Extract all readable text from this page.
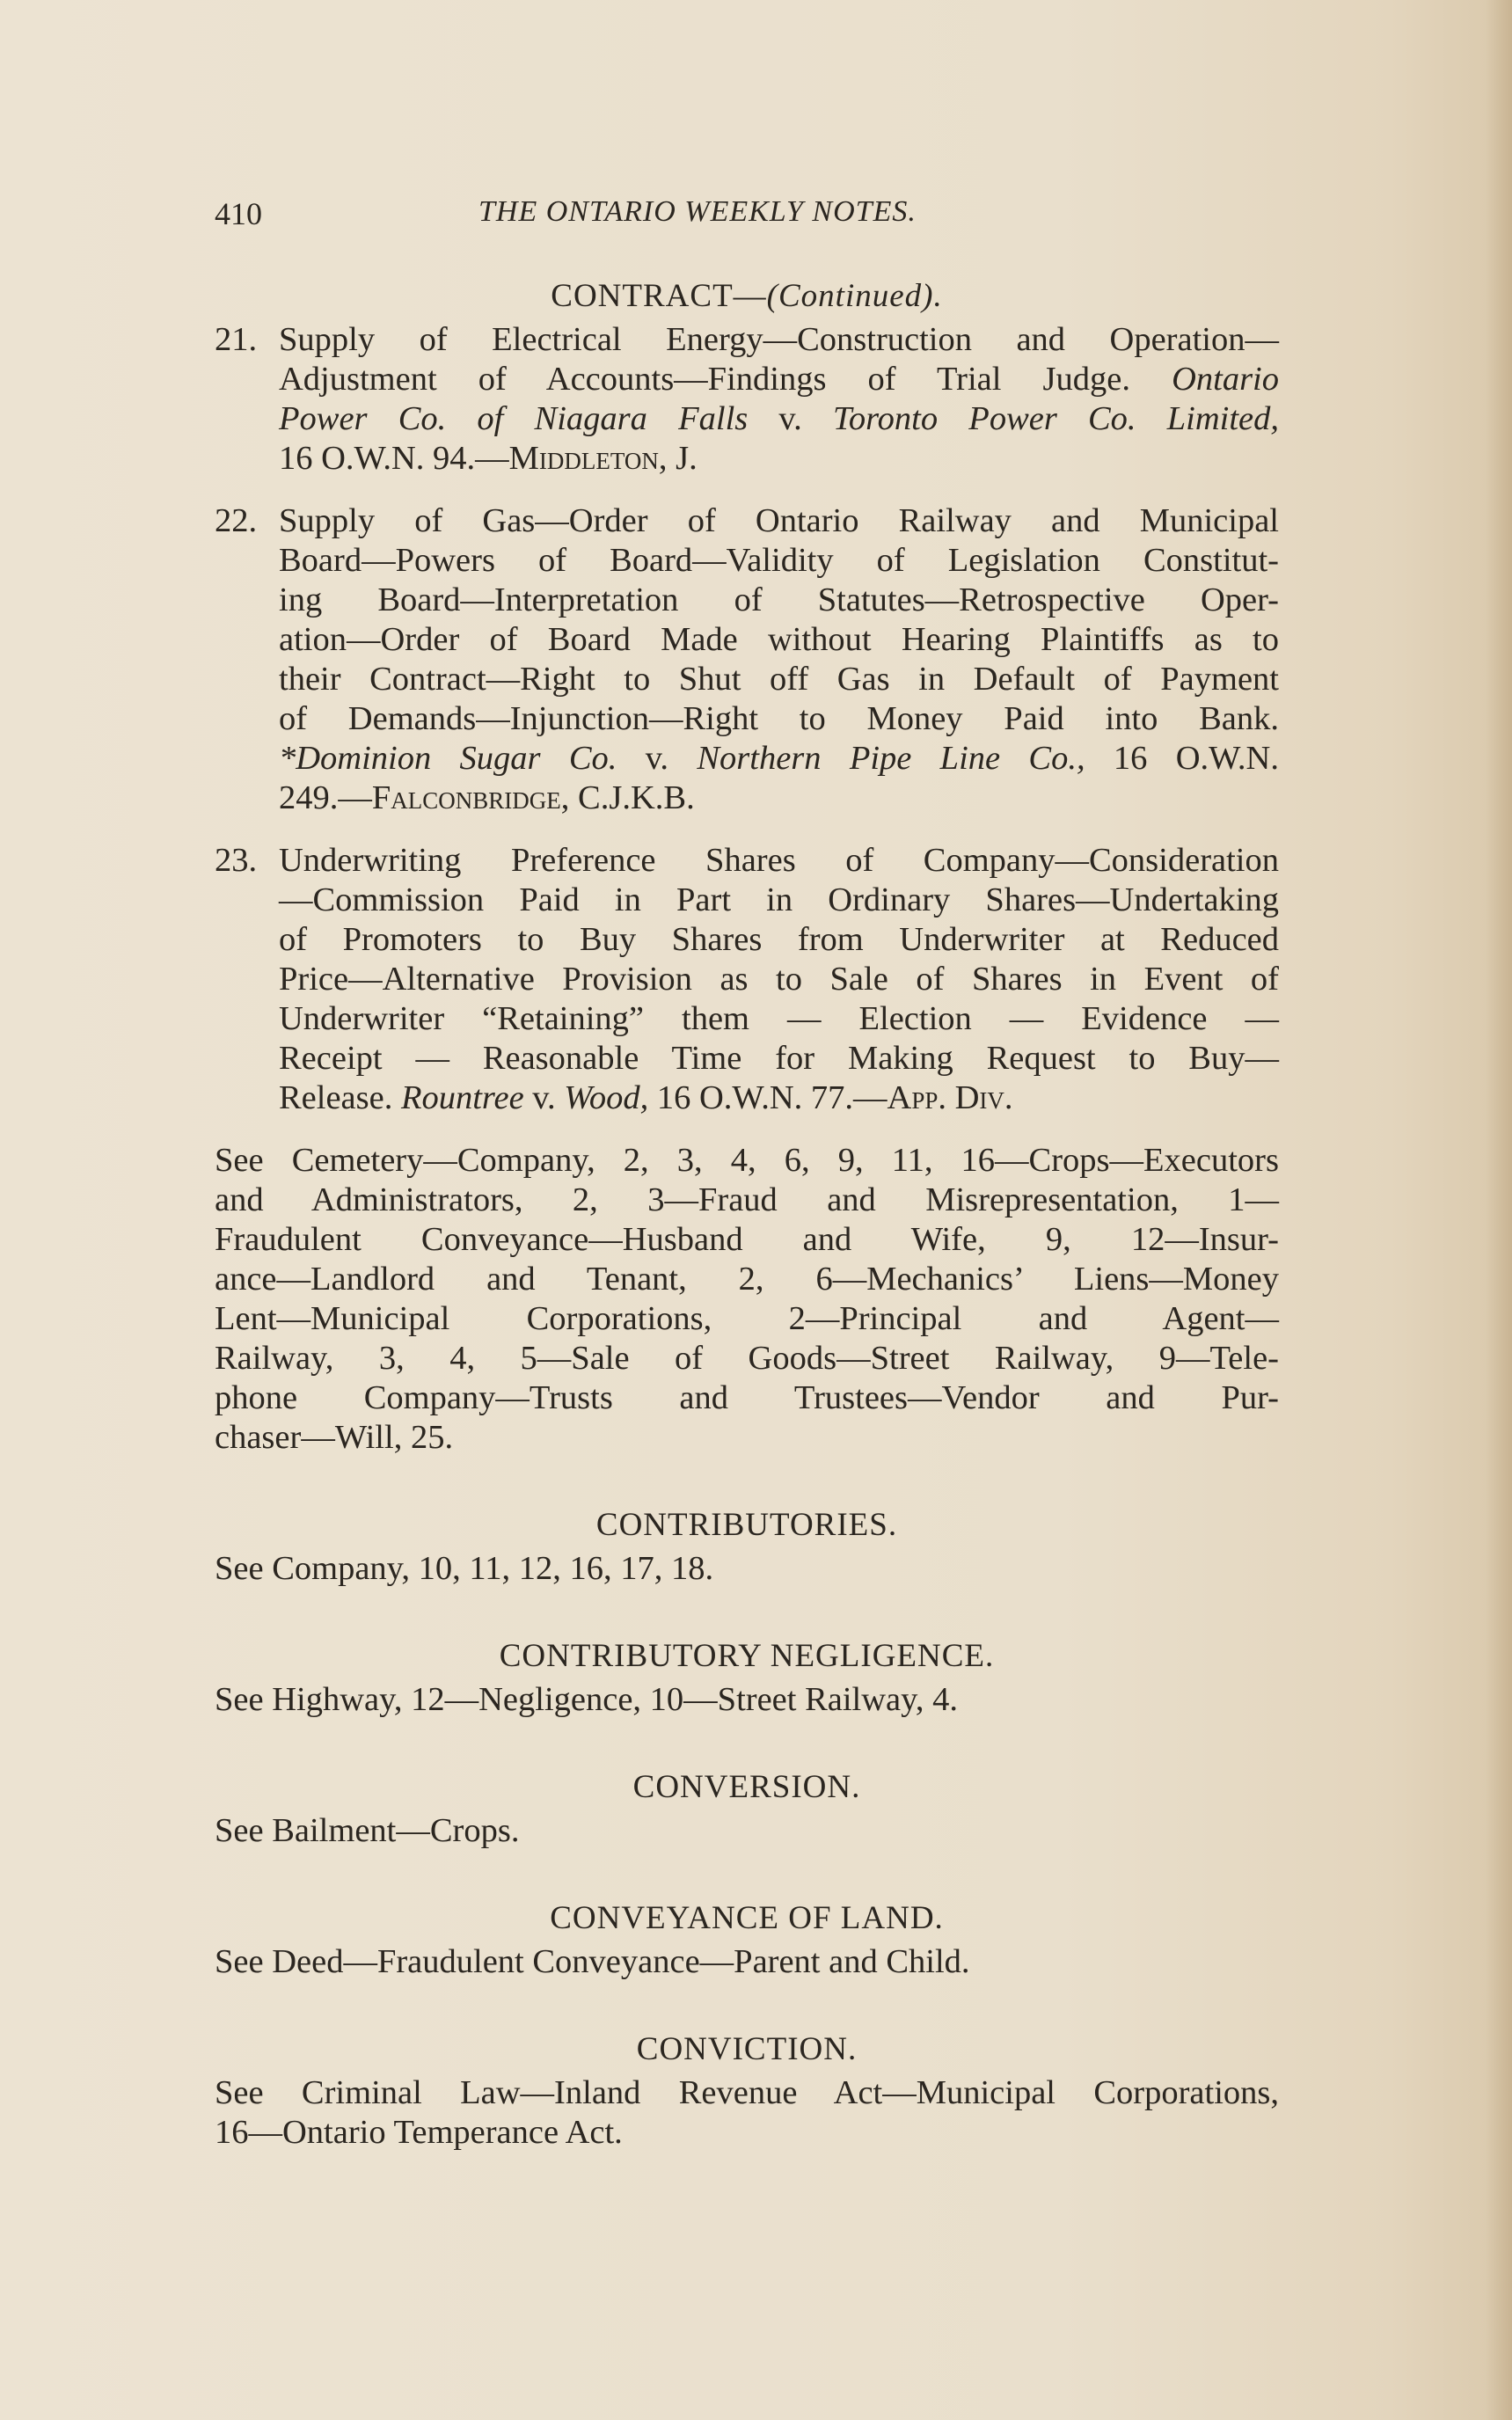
410	THE ONTARIO WEEKLY NOTES.
CONTRACT—(Continued).
21. Supply of Electrical Energy—Construction and Operation—
Adjustment of Accounts—Findings of Trial Judge. Ontario
Power Co. of Niagara Falls v. Toronto Power Co. Limited,
16 O.W.N. 94.—Middleton, J.
22. Supply of Gas—Order of Ontario Railway and Municipal
Board—Powers of Board—Validity of Legislation Constitut-
ing Board—Interpretation of Statutes—Retrospective Oper-
ation—Order of Board Made without Hearing Plaintiffs as to
their Contract—Right to Shut off Gas in Default of Payment
of Demands—Injunction—Right to Money Paid into Bank.
*Dominion Sugar Co. v. Northern Pipe Line Co., 16 O.W.N.
249.—Falconbridge, C.J.K.B.
23. Underwriting Preference Shares of Company—Consideration
—Commission Paid in Part in Ordinary Shares—Undertaking
of Promoters to Buy Shares from Underwriter at Reduced
Price—Alternative Provision as to Sale of Shares in Event of
Underwriter “Retaining” them — Election — Evidence —
Receipt — Reasonable Time for Making Request to Buy—
Release. Rountree v. Wood, 16 O.W.N. 77.—App. Div.
See Cemetery—Company, 2, 3, 4, 6, 9, 11, 16—Crops—Executors
and Administrators, 2, 3—Fraud and Misrepresentation, 1—
Fraudulent Conveyance—Husband and Wife, 9, 12—Insur-
ance—Landlord and Tenant, 2, 6—Mechanics’ Liens—Money
Lent—Municipal Corporations, 2—Principal and Agent—
Railway, 3, 4, 5—Sale of Goods—Street Railway, 9—Tele-
phone Company—Trusts and Trustees—Vendor and Pur-
chaser—Will, 25.
CONTRIBUTORIES.
See Company, 10, 11, 12, 16, 17, 18.
CONTRIBUTORY NEGLIGENCE.
See Highway, 12—Negligence, 10—Street Railway, 4.
CONVERSION.
See Bailment—Crops.
CONVEYANCE OF LAND.
See Deed—Fraudulent Conveyance—Parent and Child.
CONVICTION.
See Criminal Law—Inland Revenue Act—Municipal Corporations,
16—Ontario Temperance Act.
